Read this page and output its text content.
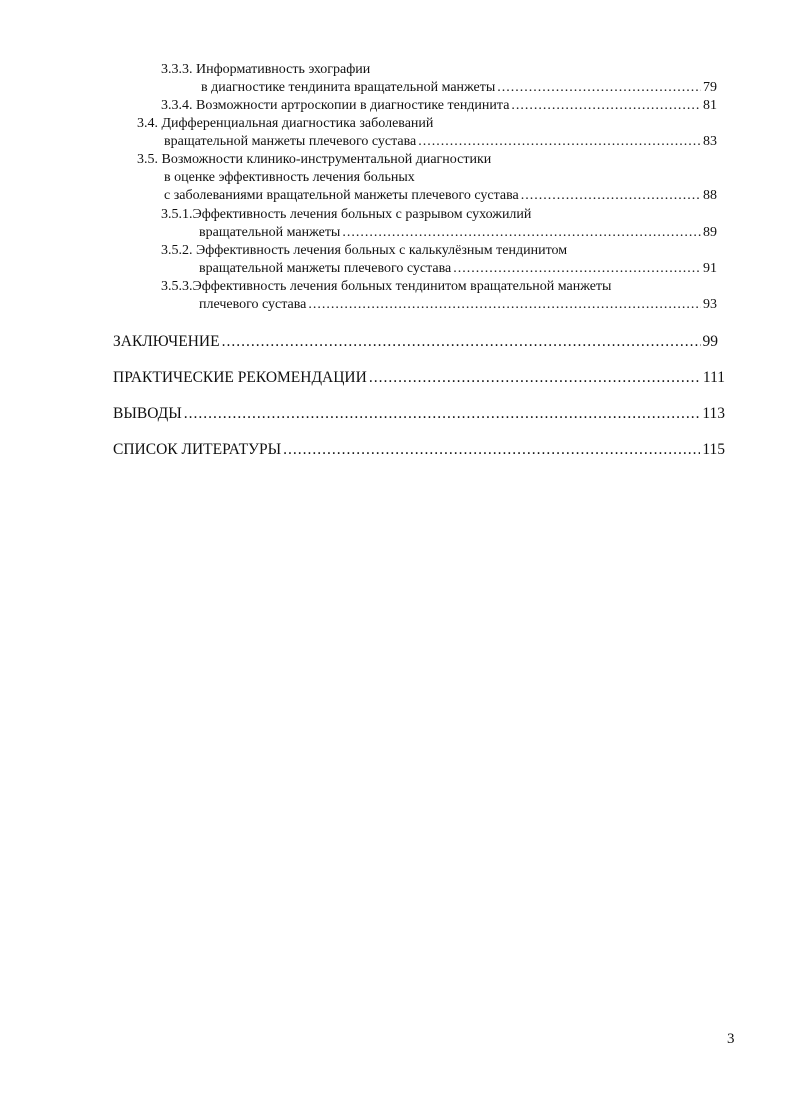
3.3.3. Информативность эхографии
в диагностике тендинита вращательной манжеты .....	79
3.3.4. Возможности артроскопии в диагностике тендинита .....	81
3.4. Дифференциальная диагностика заболеваний
вращательной манжеты плечевого сустава .....	83
3.5. Возможности клинико-инструментальной диагностики
в оценке эффективность лечения больных
с заболеваниями вращательной манжеты плечевого сустава .....	88
3.5.1.Эффективность лечения больных с разрывом сухожилий
вращательной манжеты .....	89
3.5.2. Эффективность лечения больных с калькулёзным тендинитом
вращательной манжеты плечевого сустава .....	91
3.5.3.Эффективность лечения больных тендинитом вращательной манжеты
плечевого сустава .....	93
ЗАКЛЮЧЕНИЕ .....	99
ПРАКТИЧЕСКИЕ РЕКОМЕНДАЦИИ .....	111
ВЫВОДЫ .....	113
СПИСОК ЛИТЕРАТУРЫ .....	115
3
